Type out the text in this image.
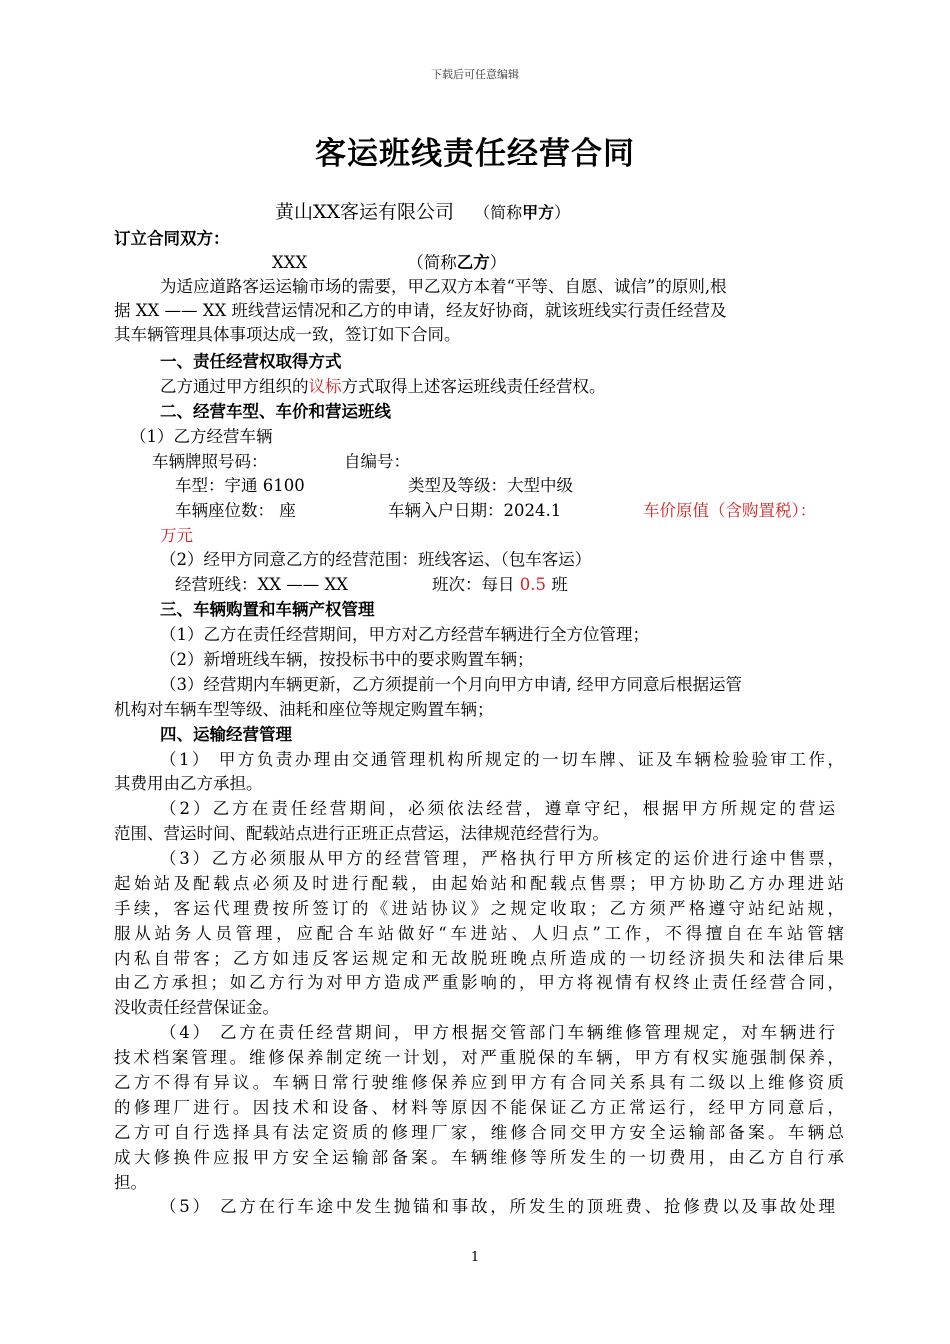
下载后可任意编辑
客运班线责任经营合同
黄山XX客运有限公司 （简称甲方）
订立合同双方：
XXX	（简称乙方）
为适应道路客运运输市场的需要，甲乙双方本着“平等、自愿、诚信”的原则,根
据 XX —— XX 班线营运情况和乙方的申请，经友好协商，就该班线实行责任经营及
其车辆管理具体事项达成一致，签订如下合同。
一、责任经营权取得方式
乙方通过甲方组织的议标方式取得上述客运班线责任经营权。
二、经营车型、车价和营运班线
（1）乙方经营车辆
车辆牌照号码：	自编号：
车型：宇通 6100	类型及等级：大型中级
车辆座位数： 座	车辆入户日期：2024.1	车价原值（含购置税）：
万元
（2）经甲方同意乙方的经营范围：班线客运、（包车客运）
经营班线：XX —— XX	班次：每日 0.5 班
三、车辆购置和车辆产权管理
（1）乙方在责任经营期间，甲方对乙方经营车辆进行全方位管理；
（2）新增班线车辆，按投标书中的要求购置车辆；
（3）经营期内车辆更新，乙方须提前一个月向甲方申请, 经甲方同意后根据运管
机构对车辆车型等级、油耗和座位等规定购置车辆；
四、运输经营管理
（1） 甲方负责办理由交通管理机构所规定的一切车牌、证及车辆检验验审工作，
其费用由乙方承担。
（2）乙方在责任经营期间，必须依法经营，遵章守纪，根据甲方所规定的营运
范围、营运时间、配载站点进行正班正点营运，法律规范经营行为。
（3）乙方必须服从甲方的经营管理，严格执行甲方所核定的运价进行途中售票，
起始站及配载点必须及时进行配载，由起始站和配载点售票；甲方协助乙方办理进站
手续，客运代理费按所签订的《进站协议》之规定收取；乙方须严格遵守站纪站规，
服从站务人员管理，应配合车站做好“车进站、人归点”工作，不得擅自在车站管辖
内私自带客；乙方如违反客运规定和无故脱班晚点所造成的一切经济损失和法律后果
由乙方承担；如乙方行为对甲方造成严重影响的，甲方将视情有权终止责任经营合同，
没收责任经营保证金。
（4） 乙方在责任经营期间，甲方根据交管部门车辆维修管理规定，对车辆进行
技术档案管理。维修保养制定统一计划，对严重脱保的车辆，甲方有权实施强制保养，
乙方不得有异议。车辆日常行驶维修保养应到甲方有合同关系具有二级以上维修资质
的修理厂进行。因技术和设备、材料等原因不能保证乙方正常运行，经甲方同意后，
乙方可自行选择具有法定资质的修理厂家，维修合同交甲方安全运输部备案。车辆总
成大修换件应报甲方安全运输部备案。车辆维修等所发生的一切费用，由乙方自行承
担。
（5） 乙方在行车途中发生抛锚和事故，所发生的顶班费、抢修费以及事故处理
1
